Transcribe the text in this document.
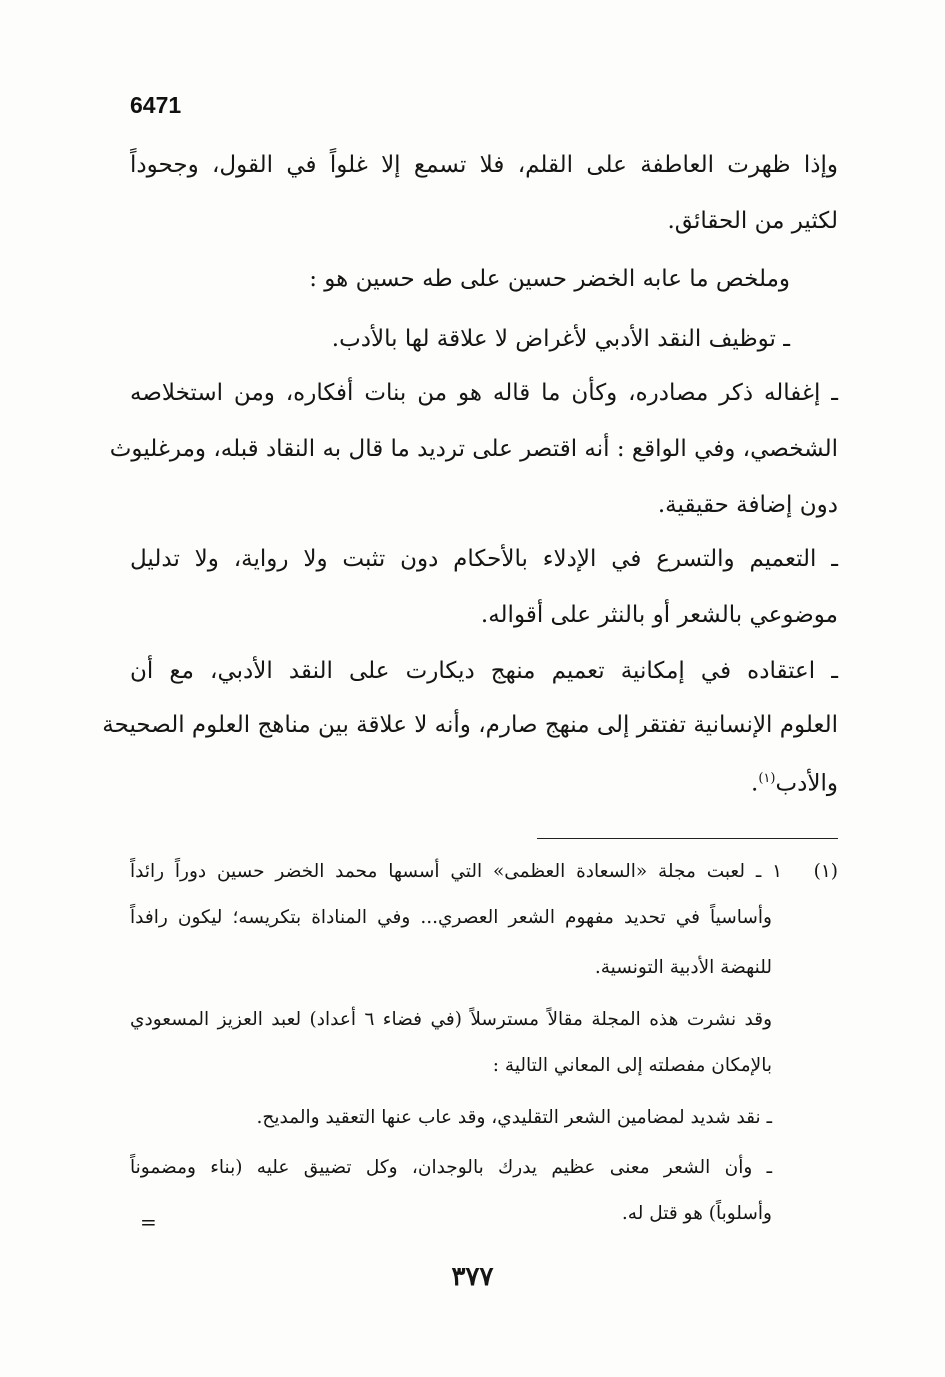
6471
وإذا ظهرت العاطفة على القلم، فلا تسمع إلا غلواً في القول، وجحوداً
لكثير من الحقائق.
وملخص ما عابه الخضر حسين على طه حسين هو :
ـ توظيف النقد الأدبي لأغراض لا علاقة لها بالأدب.
ـ إغفاله ذكر مصادره، وكأن ما قاله هو من بنات أفكاره، ومن استخلاصه
الشخصي، وفي الواقع : أنه اقتصر على ترديد ما قال به النقاد قبله، ومرغليوث
دون إضافة حقيقية.
ـ التعميم والتسرع في الإدلاء بالأحكام دون تثبت ولا رواية، ولا تدليل
موضوعي بالشعر أو بالنثر على أقواله.
ـ اعتقاده في إمكانية تعميم منهج ديكارت على النقد الأدبي، مع أن
العلوم الإنسانية تفتقر إلى منهج صارم، وأنه لا علاقة بين مناهج العلوم الصحيحة
والأدب$^{(١)}$.
(١)
١ ـ لعبت مجلة «السعادة العظمى» التي أسسها محمد الخضر حسين دوراً رائداً
وأساسياً في تحديد مفهوم الشعر العصري... وفي المناداة بتكريسه؛ ليكون رافداً
للنهضة الأدبية التونسية.
وقد نشرت هذه المجلة مقالاً مسترسلاً (في فضاء ٦ أعداد) لعبد العزيز المسعودي
بالإمكان مفصلته إلى المعاني التالية :
ـ نقد شديد لمضامين الشعر التقليدي، وقد عاب عنها التعقيد والمديح.
ـ وأن الشعر معنى عظيم يدرك بالوجدان، وكل تضييق عليه (بناء ومضموناً
وأسلوباً) هو قتل له.
=
٣٧٧
